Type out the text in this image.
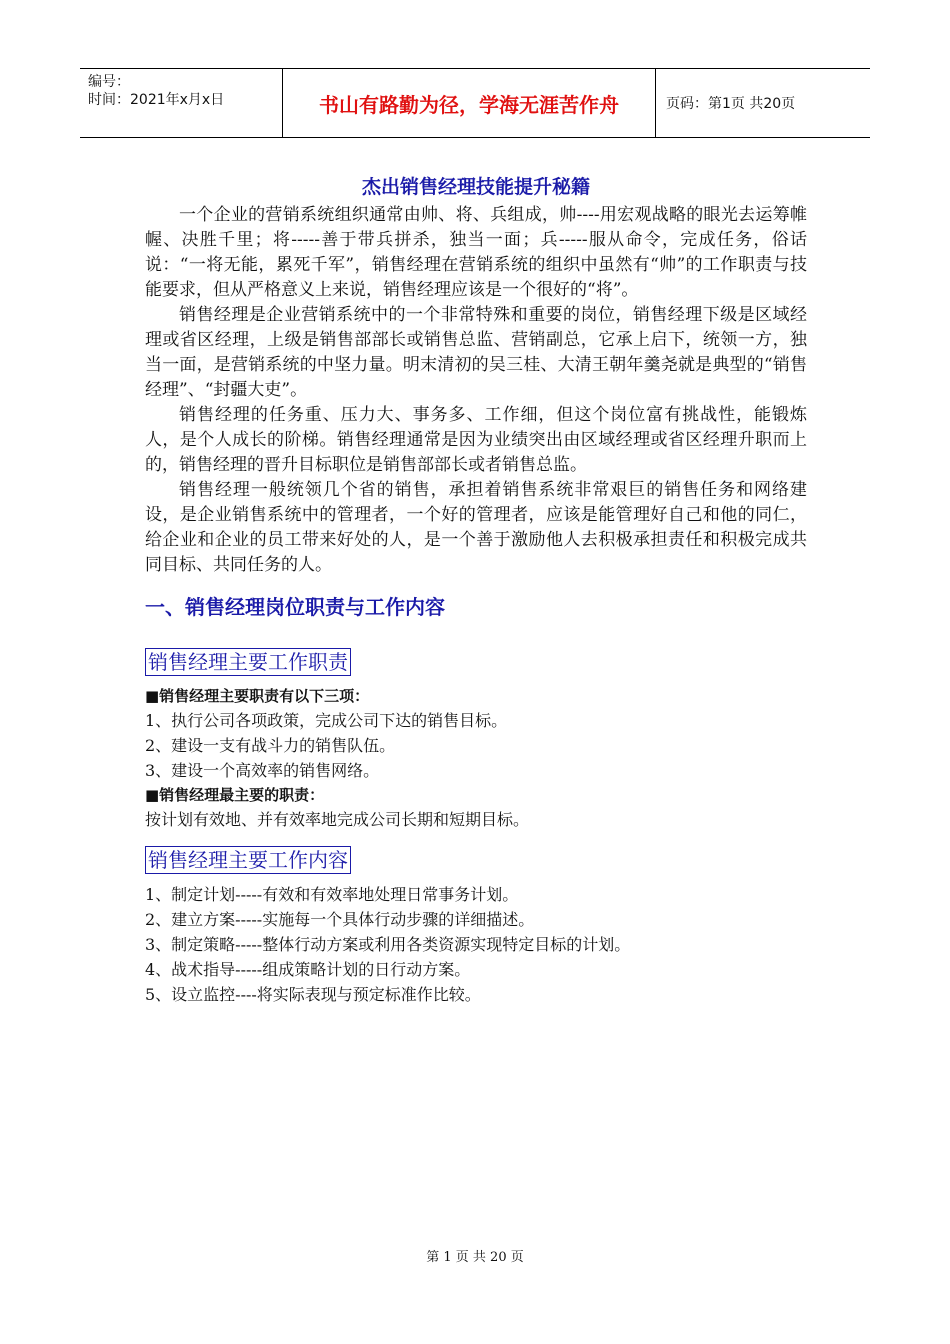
编号：
时间：2021年x月x日	书山有路勤为径，学海无涯苦作舟	页码：第1页 共20页
杰出销售经理技能提升秘籍

一个企业的营销系统组织通常由帅、将、兵组成，帅----用宏观战略的眼光去运筹帷幄、决胜千里；将-----善于带兵拼杀，独当一面；兵-----服从命令，完成任务，俗话说：“一将无能，累死千军”，销售经理在营销系统的组织中虽然有“帅”的工作职责与技能要求，但从严格意义上来说，销售经理应该是一个很好的“将”。

销售经理是企业营销系统中的一个非常特殊和重要的岗位，销售经理下级是区域经理或省区经理，上级是销售部部长或销售总监、营销副总，它承上启下，统领一方，独当一面，是营销系统的中坚力量。明末清初的吴三桂、大清王朝年羹尧就是典型的“销售经理”、“封疆大吏”。

销售经理的任务重、压力大、事务多、工作细，但这个岗位富有挑战性，能锻炼人，是个人成长的阶梯。销售经理通常是因为业绩突出由区域经理或省区经理升职而上的，销售经理的晋升目标职位是销售部部长或者销售总监。

销售经理一般统领几个省的销售，承担着销售系统非常艰巨的销售任务和网络建设，是企业销售系统中的管理者，一个好的管理者，应该是能管理好自己和他的同仁，给企业和企业的员工带来好处的人，是一个善于激励他人去积极承担责任和积极完成共同目标、共同任务的人。

一、销售经理岗位职责与工作内容
销售经理主要工作职责

■销售经理主要职责有以下三项：

1、执行公司各项政策，完成公司下达的销售目标。

2、建设一支有战斗力的销售队伍。

3、建设一个高效率的销售网络。

■销售经理最主要的职责：

按计划有效地、并有效率地完成公司长期和短期目标。

销售经理主要工作内容

1、制定计划-----有效和有效率地处理日常事务计划。

2、建立方案-----实施每一个具体行动步骤的详细描述。

3、制定策略-----整体行动方案或利用各类资源实现特定目标的计划。

4、战术指导-----组成策略计划的日行动方案。

5、设立监控----将实际表现与预定标准作比较。

第 1 页 共 20 页
